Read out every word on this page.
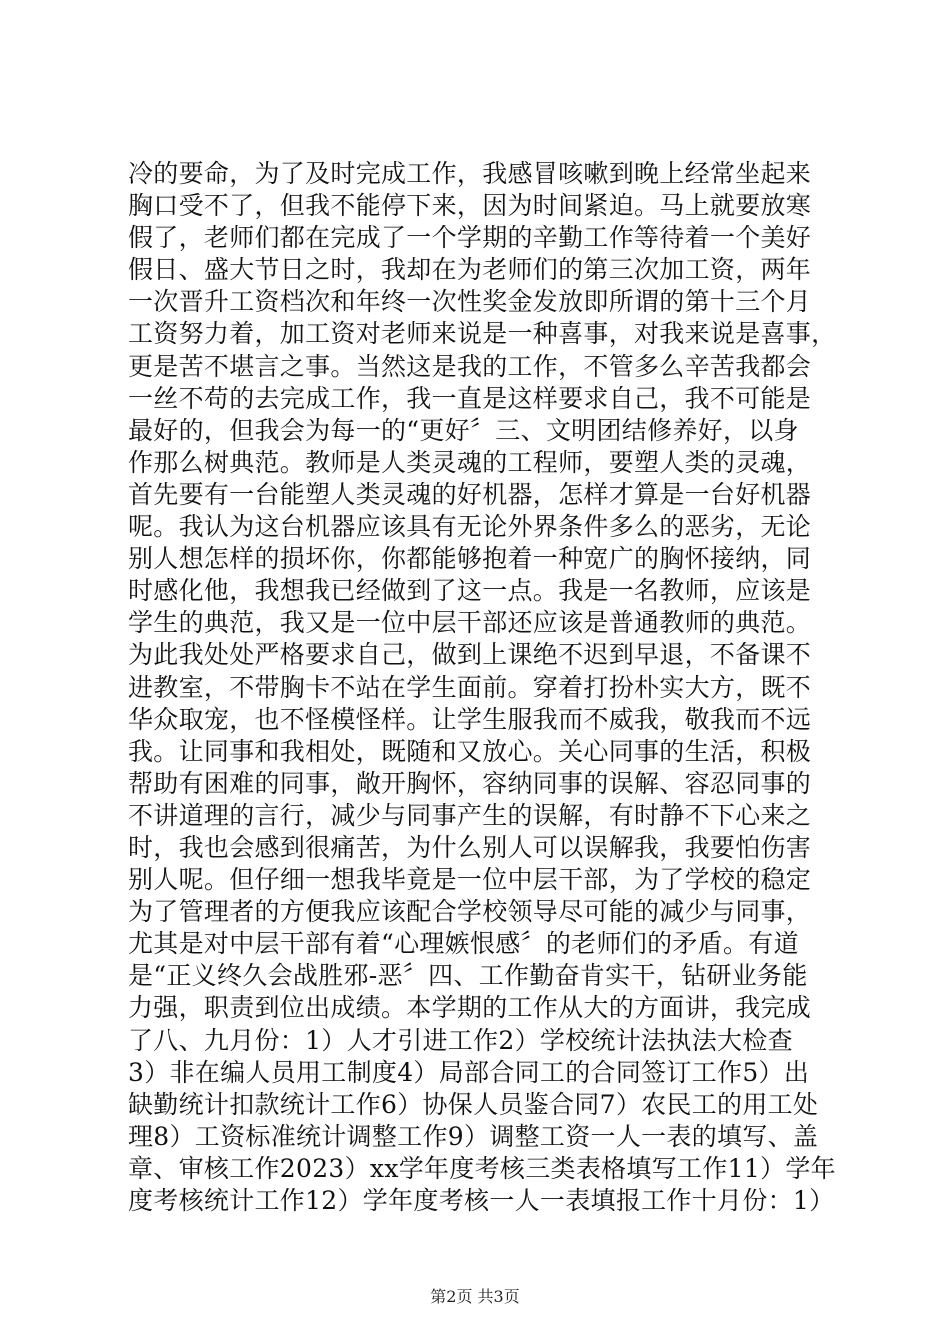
冷的要命，为了及时完成工作，我感冒咳嗽到晚上经常坐起来
胸口受不了，但我不能停下来，因为时间紧迫。马上就要放寒
假了，老师们都在完成了一个学期的辛勤工作等待着一个美好
假日、盛大节日之时，我却在为老师们的第三次加工资，两年
一次晋升工资档次和年终一次性奖金发放即所谓的第十三个月
工资努力着，加工资对老师来说是一种喜事，对我来说是喜事，
更是苦不堪言之事。当然这是我的工作，不管多么辛苦我都会
一丝不苟的去完成工作，我一直是这样要求自己，我不可能是
最好的，但我会为每一的“更好〞三、文明团结修养好，以身
作那么树典范。教师是人类灵魂的工程师，要塑人类的灵魂，
首先要有一台能塑人类灵魂的好机器，怎样才算是一台好机器
呢。我认为这台机器应该具有无论外界条件多么的恶劣，无论
别人想怎样的损坏你，你都能够抱着一种宽广的胸怀接纳，同
时感化他，我想我已经做到了这一点。我是一名教师，应该是
学生的典范，我又是一位中层干部还应该是普通教师的典范。
为此我处处严格要求自己，做到上课绝不迟到早退，不备课不
进教室，不带胸卡不站在学生面前。穿着打扮朴实大方，既不
华众取宠，也不怪模怪样。让学生服我而不威我，敬我而不远
我。让同事和我相处，既随和又放心。关心同事的生活，积极
帮助有困难的同事，敞开胸怀，容纳同事的误解、容忍同事的
不讲道理的言行，减少与同事产生的误解，有时静不下心来之
时，我也会感到很痛苦，为什么别人可以误解我，我要怕伤害
别人呢。但仔细一想我毕竟是一位中层干部，为了学校的稳定
为了管理者的方便我应该配合学校领导尽可能的减少与同事，
尤其是对中层干部有着“心理嫉恨感〞的老师们的矛盾。有道
是“正义终久会战胜邪-恶〞四、工作勤奋肯实干，钻研业务能
力强，职责到位出成绩。本学期的工作从大的方面讲，我完成
了八、九月份：1）人才引进工作2）学校统计法执法大检查
3）非在编人员用工制度4）局部合同工的合同签订工作5）出
缺勤统计扣款统计工作6）协保人员鉴合同7）农民工的用工处
理8）工资标准统计调整工作9）调整工资一人一表的填写、盖
章、审核工作2023）xx学年度考核三类表格填写工作11）学年
度考核统计工作12）学年度考核一人一表填报工作十月份：1）
第2页 共3页
